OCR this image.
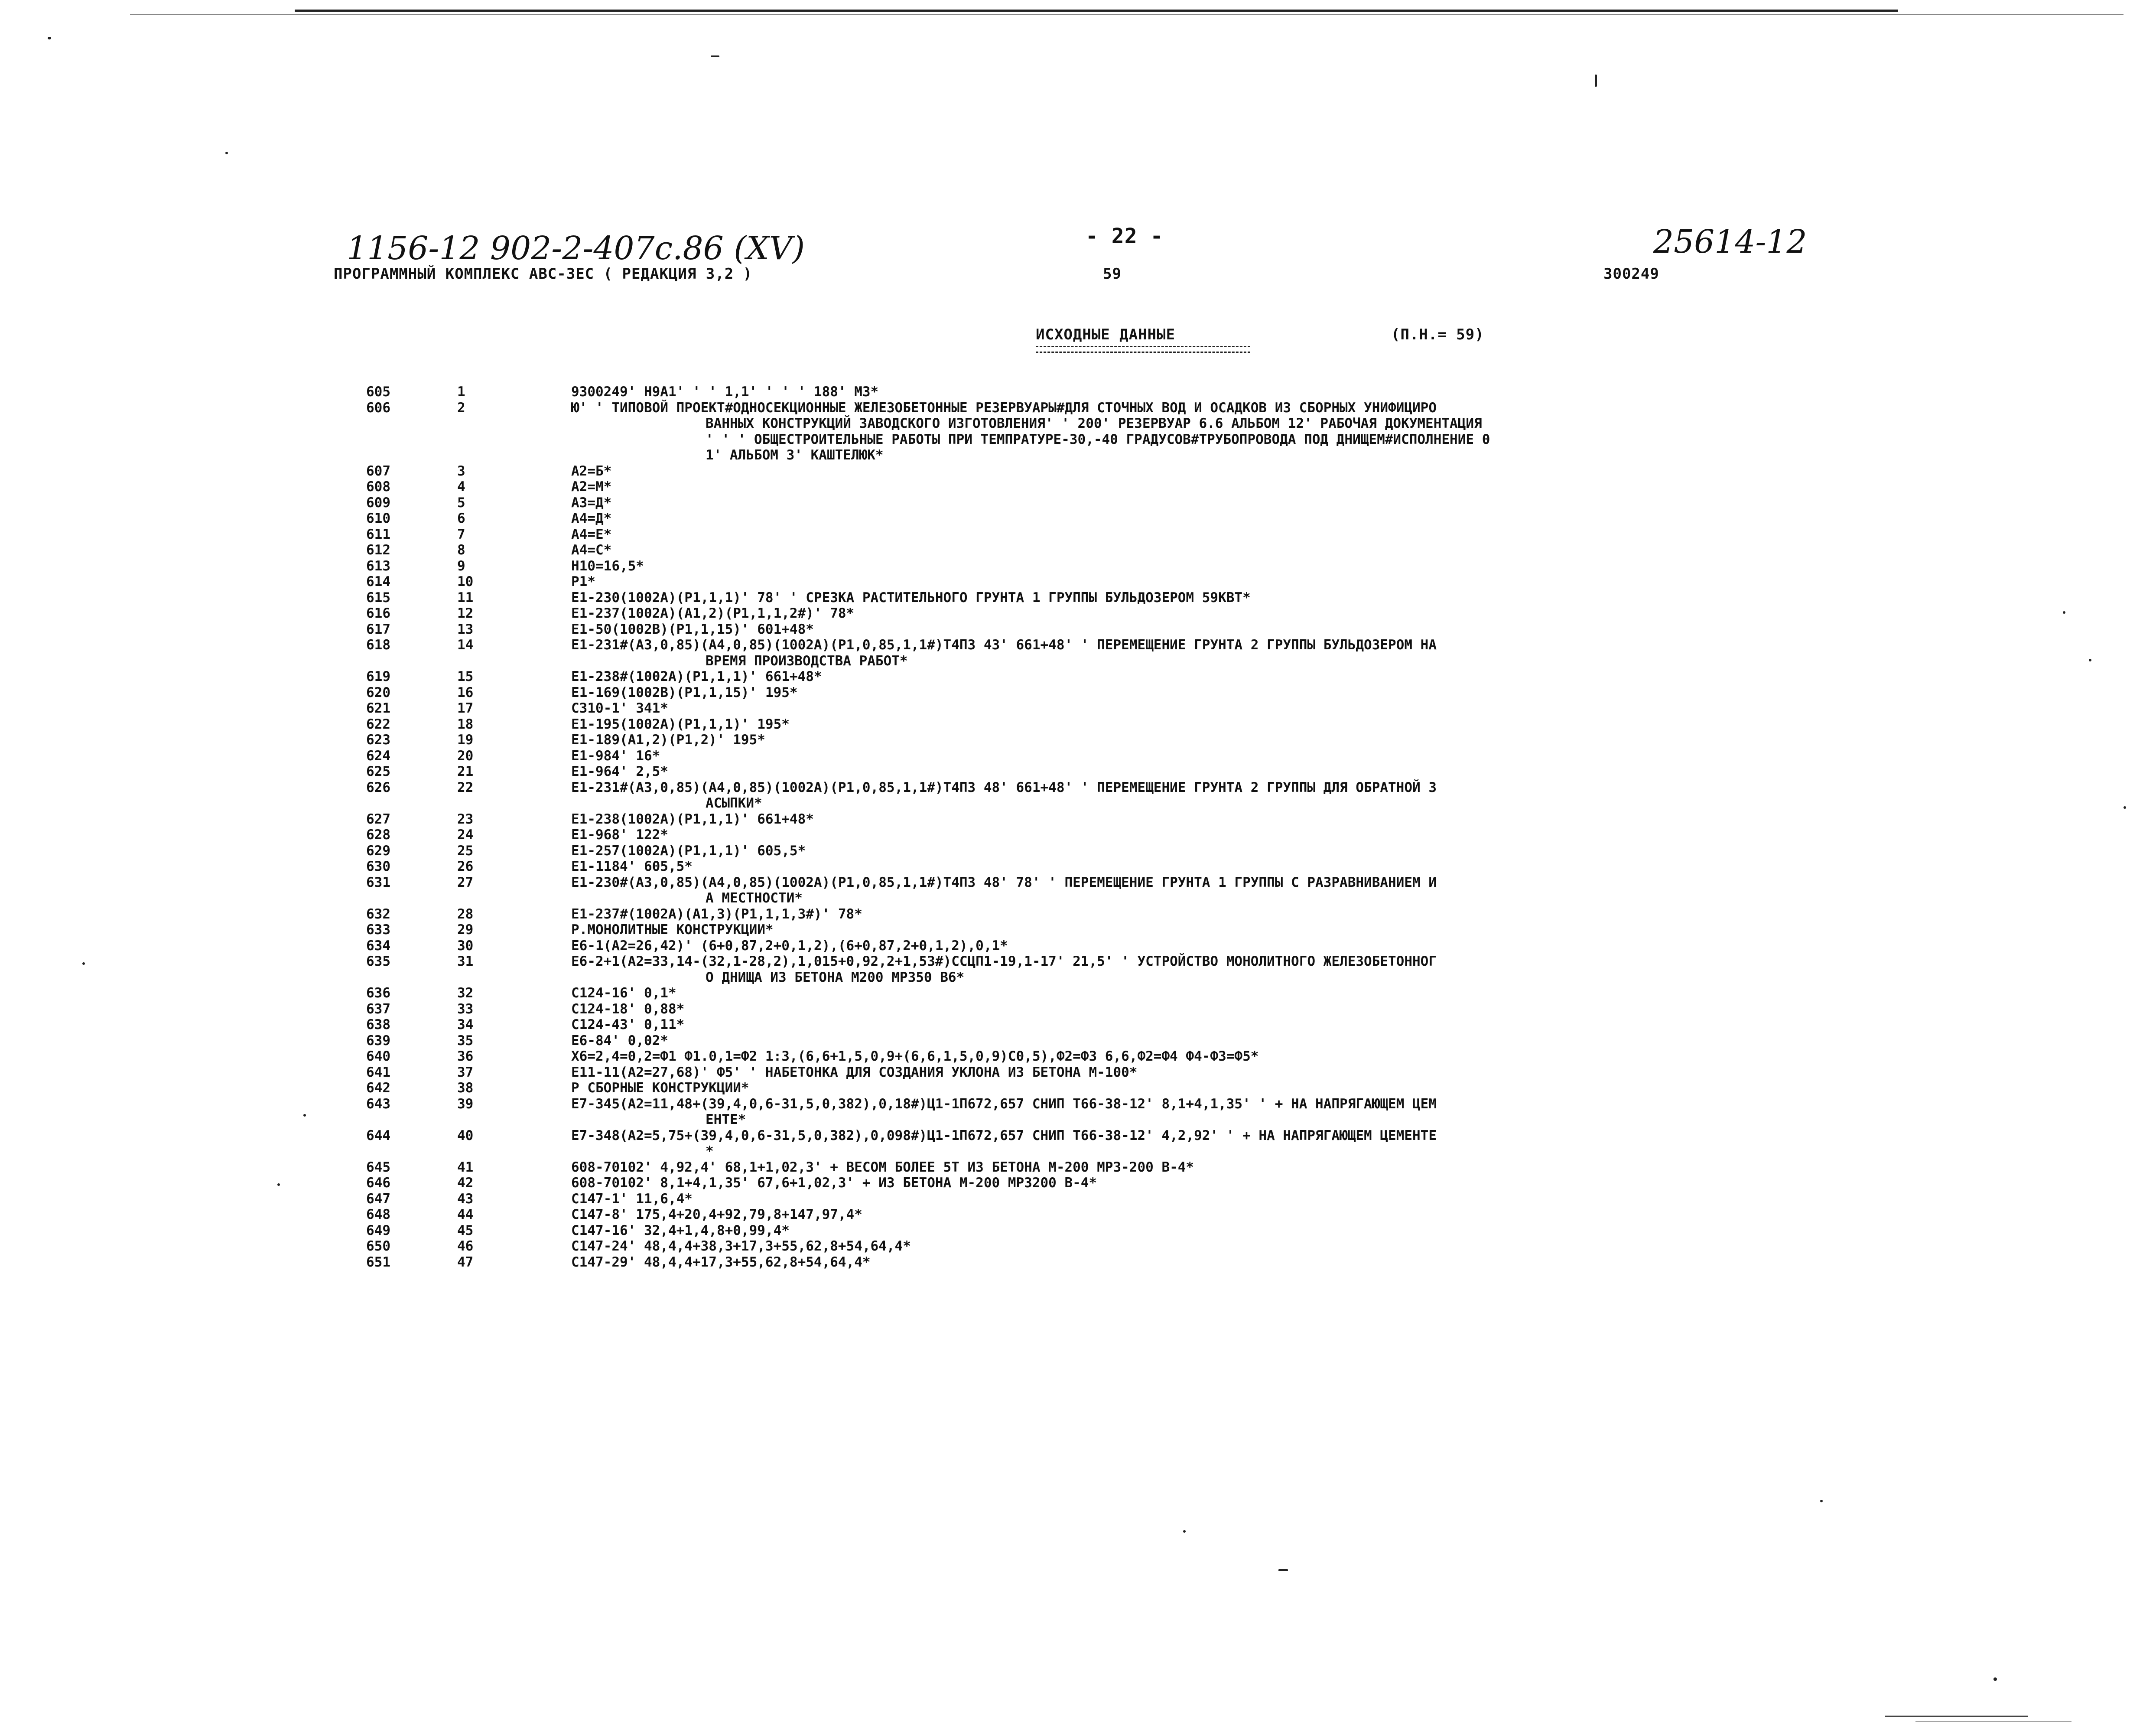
1156-12 902-2-407с.86 (XV)	25614-12
ПРОГРАММНЫЙ КОМПЛЕКС АВС-3ЕС ( РЕДАКЦИЯ 3,2 )
- 22 -
59	300249
ИСХОДНЫЕ ДАННЫЕ	(П.Н.= 59)
605	1	9300249' Н9А1' ' ' 1,1' ' ' ' 188' М3*
606	2	Ю' ' ТИПОВОЙ ПРОЕКТ#ОДНОСЕКЦИОННЫЕ ЖЕЛЕЗОБЕТОННЫЕ РЕЗЕРВУАРЫ#ДЛЯ СТОЧНЫХ ВОД И ОСАДКОВ ИЗ СБОРНЫХ УНИФИЦИРО
ВАННЫХ КОНСТРУКЦИЙ ЗАВОДСКОГО ИЗГОТОВЛЕНИЯ' ' 200' РЕЗЕРВУАР 6.6 АЛЬБОМ 12' РАБОЧАЯ ДОКУМЕНТАЦИЯ
' ' ' ОБЩЕСТРОИТЕЛЬНЫЕ РАБОТЫ ПРИ ТЕМПРАТУРЕ-30,-40 ГРАДУСОВ#ТРУБОПРОВОДА ПОД ДНИЩЕМ#ИСПОЛНЕНИЕ 0
1' АЛЬБОМ 3' КАШТЕЛЮК*
607	3	А2=Б*
608	4	А2=М*
609	5	А3=Д*
610	6	А4=Д*
611	7	А4=Е*
612	8	А4=С*
613	9	Н10=16,5*
614	10	Р1*
615	11	Е1-230(1002А)(Р1,1,1)' 78' ' СРЕЗКА РАСТИТЕЛЬНОГО ГРУНТА 1 ГРУППЫ БУЛЬДОЗЕРОМ 59КВТ*
616	12	Е1-237(1002А)(А1,2)(Р1,1,1,2#)' 78*
617	13	Е1-50(1002В)(Р1,1,15)' 601+48*
618	14	Е1-231#(А3,0,85)(А4,0,85)(1002А)(Р1,0,85,1,1#)Т4П3 43' 661+48' ' ПЕРЕМЕЩЕНИЕ ГРУНТА 2 ГРУППЫ БУЛЬДОЗЕРОМ НА
ВРЕМЯ ПРОИЗВОДСТВА РАБОТ*
619	15	Е1-238#(1002А)(Р1,1,1)' 661+48*
620	16	Е1-169(1002В)(Р1,1,15)' 195*
621	17	С310-1' 341*
622	18	Е1-195(1002А)(Р1,1,1)' 195*
623	19	Е1-189(А1,2)(Р1,2)' 195*
624	20	Е1-984' 16*
625	21	Е1-964' 2,5*
626	22	Е1-231#(А3,0,85)(А4,0,85)(1002А)(Р1,0,85,1,1#)Т4П3 48' 661+48' ' ПЕРЕМЕЩЕНИЕ ГРУНТА 2 ГРУППЫ ДЛЯ ОБРАТНОЙ З
АСЫПКИ*
627	23	Е1-238(1002А)(Р1,1,1)' 661+48*
628	24	Е1-968' 122*
629	25	Е1-257(1002А)(Р1,1,1)' 605,5*
630	26	Е1-1184' 605,5*
631	27	Е1-230#(А3,0,85)(А4,0,85)(1002А)(Р1,0,85,1,1#)Т4П3 48' 78' ' ПЕРЕМЕЩЕНИЕ ГРУНТА 1 ГРУППЫ С РАЗРАВНИВАНИЕМ И
А МЕСТНОСТИ*
632	28	Е1-237#(1002А)(А1,3)(Р1,1,1,3#)' 78*
633	29	Р.МОНОЛИТНЫЕ КОНСТРУКЦИИ*
634	30	Е6-1(А2=26,42)' (6+0,87,2+0,1,2),(6+0,87,2+0,1,2),0,1*
635	31	Е6-2+1(А2=33,14-(32,1-28,2),1,015+0,92,2+1,53#)ССЦП1-19,1-17' 21,5' ' УСТРОЙСТВО МОНОЛИТНОГО ЖЕЛЕЗОБЕТОННОГ
О ДНИЩА ИЗ БЕТОНА М200 МРЗ50 В6*
636	32	С124-16' 0,1*
637	33	С124-18' 0,88*
638	34	С124-43' 0,11*
639	35	Е6-84' 0,02*
640	36	Х6=2,4=0,2=Ф1 Ф1.0,1=Ф2 1:3,(6,6+1,5,0,9+(6,6,1,5,0,9)С0,5),Ф2=Ф3 6,6,Ф2=Ф4 Ф4-Ф3=Ф5*
641	37	Е11-11(А2=27,68)' Ф5' ' НАБЕТОНКА ДЛЯ СОЗДАНИЯ УКЛОНА ИЗ БЕТОНА М-100*
642	38	Р СБОРНЫЕ КОНСТРУКЦИИ*
643	39	Е7-345(А2=11,48+(39,4,0,6-31,5,0,382),0,18#)Ц1-1П672,657 СНИП Т66-38-12' 8,1+4,1,35' ' + НА НАПРЯГАЮЩЕМ ЦЕМ
ЕНТЕ*
644	40	Е7-348(А2=5,75+(39,4,0,6-31,5,0,382),0,098#)Ц1-1П672,657 СНИП Т66-38-12' 4,2,92' ' + НА НАПРЯГАЮЩЕМ ЦЕМЕНТЕ
*
645	41	608-70102' 4,92,4' 68,1+1,02,3' + ВЕСОМ БОЛЕЕ 5Т ИЗ БЕТОНА М-200 МРЗ-200 В-4*
646	42	608-70102' 8,1+4,1,35' 67,6+1,02,3' + ИЗ БЕТОНА М-200 МРЗ200 В-4*
647	43	С147-1' 11,6,4*
648	44	С147-8' 175,4+20,4+92,79,8+147,97,4*
649	45	С147-16' 32,4+1,4,8+0,99,4*
650	46	С147-24' 48,4,4+38,3+17,3+55,62,8+54,64,4*
651	47	С147-29' 48,4,4+17,3+55,62,8+54,64,4*
